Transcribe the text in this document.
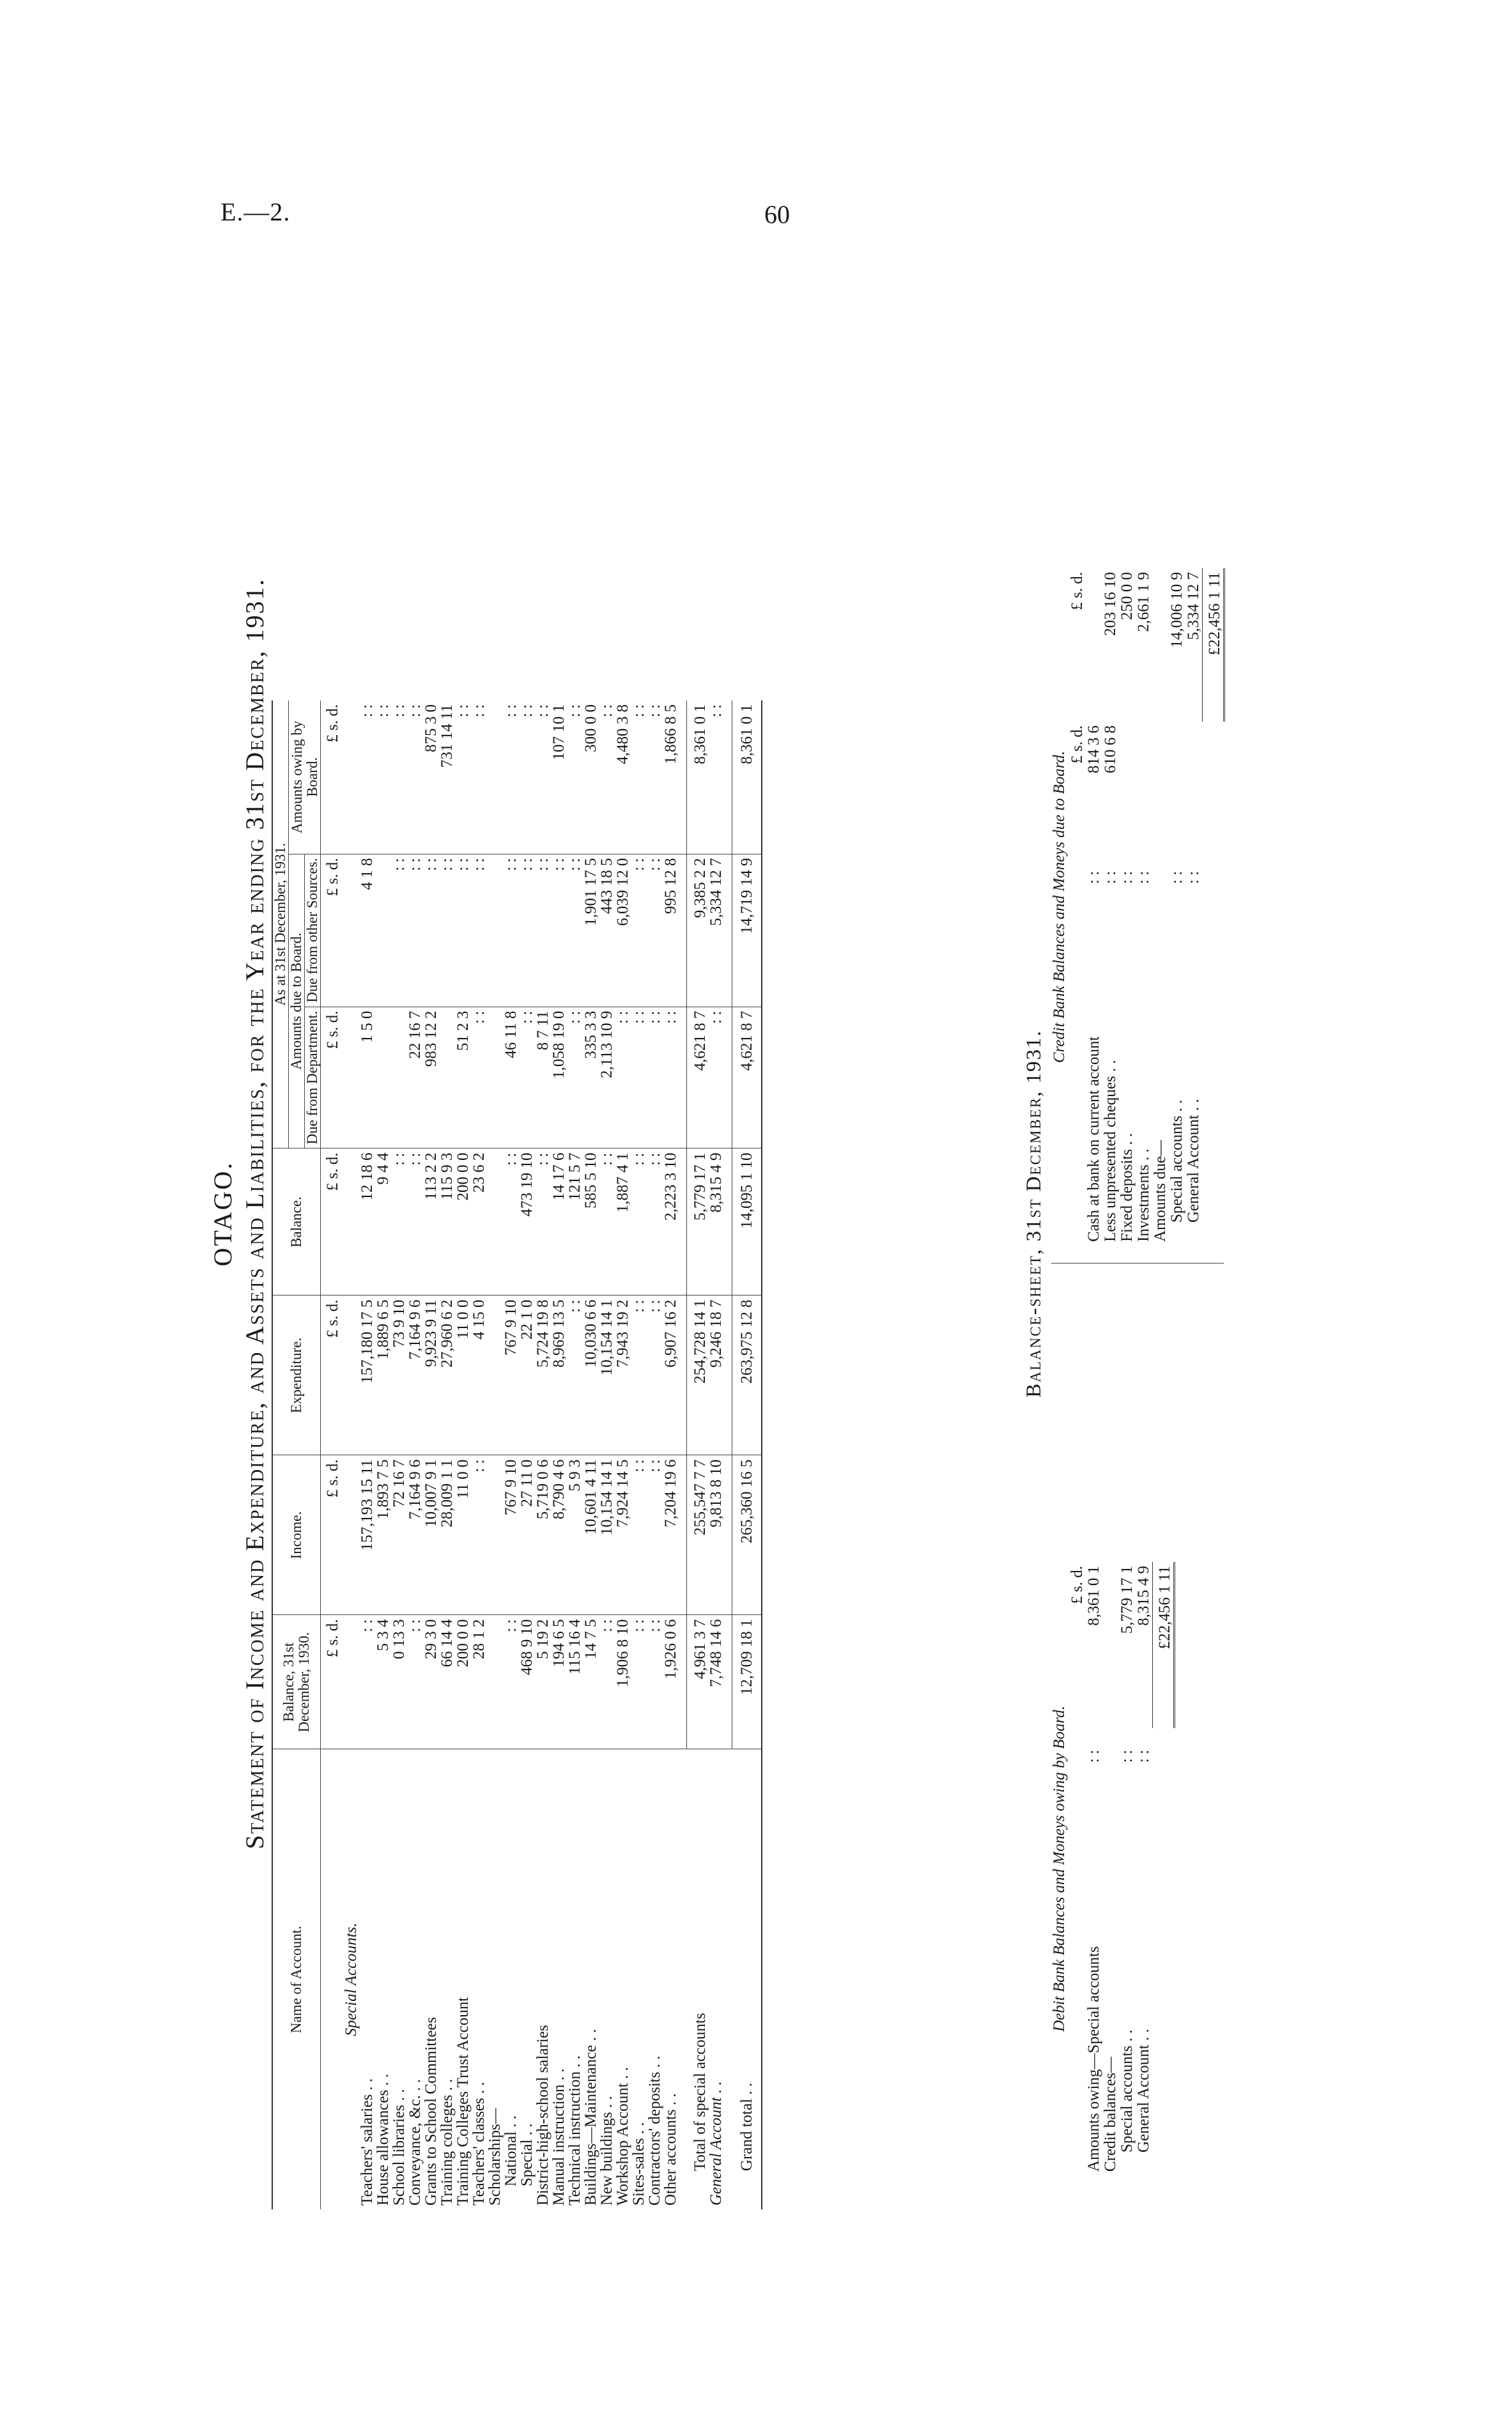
E.—2.	60
OTAGO. Statement of Income and Expenditure, and Assets and Liabilities, for the Year ending 31st December, 1931.
Name of Account.	Balance, 31st December, 1930.	Income.	Expenditure.	Balance.	As at 31st December, 1931.		
					Amounts due to Board.		Amounts owing by Board.
					Due from Department.	Due from other Sources.	
	£ s. d.	£ s. d.	£ s. d.	£ s. d.	£ s. d.	£ s. d.	£ s. d.
Special Accounts.							
Teachers' salaries . .	: :	157,193 15 11	157,180 17 5	12 18 6	1 5 0	4 1 8	: :
House allowances . .	5 3 4	1,893 7 5	1,889 6 5	9 4 4			: :
School libraries . .	0 13 3	72 16 7	73 9 10	: :		: :	: :
Conveyance, &c. . .	: :	7,164 9 6	7,164 9 6	: :	22 16 7	: :	: :
Grants to School Committees	29 3 0	10,007 9 1	9,923 9 11	113 2 2	983 12 2	: :	875 3 0
Training colleges . .	66 14 4	28,009 1 1	27,960 6 2	115 9 3		: :	731 14 11
Training Colleges Trust Account	200 0 0	11 0 0	11 0 0	200 0 0	51 2 3	: :	: :
Teachers' classes . .	28 1 2	: :	4 15 0	23 6 2	: :	: :	: :
Scholarships—							
National . .	: :	767 9 10	767 9 10	: :	46 11 8	: :	: :
Special . .	468 9 10	27 11 0	22 1 0	473 19 10	: :	: :	: :
District-high-school salaries	5 19 2	5,719 0 6	5,724 19 8	: :	8 7 11	: :	: :
Manual instruction . .	194 6 5	8,790 4 6	8,969 13 5	14 17 6	1,058 19 0	: :	107 10 1
Technical instruction . .	115 16 4	5 9 3	: :	121 5 7	: :	: :	: :
Buildings—Maintenance . .	14 7 5	10,601 4 11	10,030 6 6	585 5 10	335 3 3	1,901 17 5	300 0 0
New buildings . .	: :	10,154 14 1	10,154 14 1	: :	2,113 10 9	443 18 5	: :
Workshop Account . .	1,906 8 10	7,924 14 5	7,943 19 2	1,887 4 1	: :	6,039 12 0	4,480 3 8
Sites-sales . .	: :	: :	: :	: :	: :	: :	: :
Contractors' deposits . .	: :	: :	: :	: :	: :	: :	: :
Other accounts . .	1,926 0 6	7,204 19 6	6,907 16 2	2,223 3 10	: :	995 12 8	1,866 8 5

Total of special accounts	4,961 3 7	255,547 7 7	254,728 14 1	5,779 17 1	4,621 8 7	9,385 2 2	8,361 0 1
General Account . .	7,748 14 6	9,813 8 10	9,246 18 7	8,315 4 9	: :	5,334 12 7	: :

Grand total . .	12,709 18 1	265,360 16 5	263,975 12 8	14,095 1 10	4,621 8 7	14,719 14 9	8,361 0 1

Balance-sheet, 31st December, 1931.
Debit Bank Balances and Moneys owing by Board.
		£ s. d.
Amounts owing—Special accounts	: :	8,361 0 1
Credit balances—		
Special accounts . .	: :	5,779 17 1
General Account . .	: :	8,315 4 9
		£22,456 1 11
Credit Bank Balances and Moneys due to Board.
		£ s. d.	£ s. d.
Cash at bank on current account	: :	814 3 6	
Less unpresented cheques . .	: :	610 6 8	203 16 10
Fixed deposits . .	: :		250 0 0
Investments . .	: :		2,661 1 9
Amounts due—			
Special accounts . .	: :		14,006 10 9
General Account . .	: :		5,334 12 7
			£22,456 1 11
